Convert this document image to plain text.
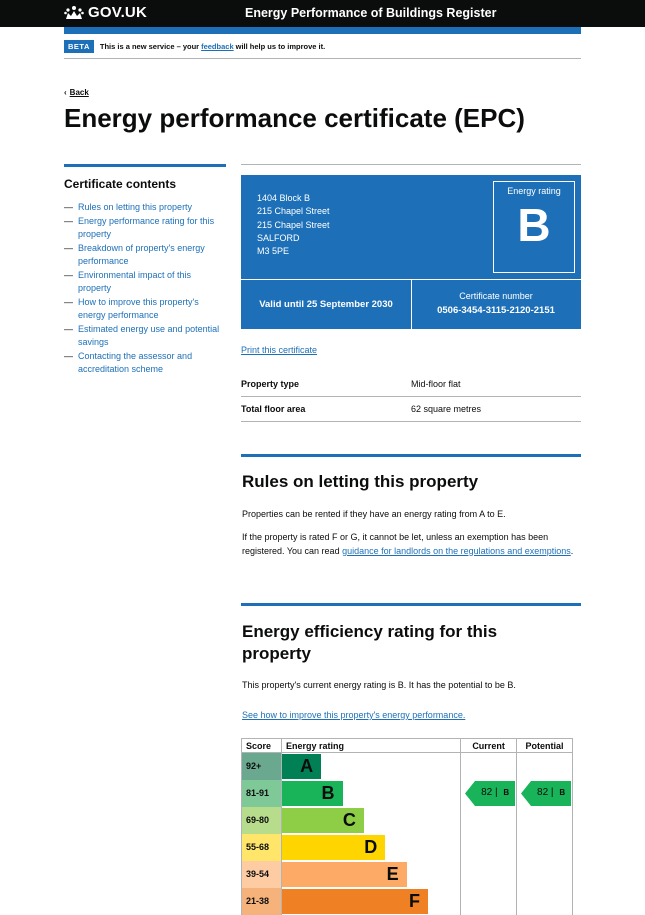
GOV.UK	Energy Performance of Buildings Register
BETA	This is a new service – your feedback will help us to improve it.
‹ Back
Energy performance certificate (EPC)
Certificate contents
— Rules on letting this property
— Energy performance rating for this property
— Breakdown of property's energy performance
— Environmental impact of this property
— How to improve this property's energy performance
— Estimated energy use and potential savings
— Contacting the assessor and accreditation scheme
1404 Block B
215 Chapel Street
215 Chapel Street
SALFORD
M3 5PE
Energy rating
B
Valid until 25 September 2030
Certificate number
0506-3454-3115-2120-2151
Print this certificate
Property type	Mid-floor flat
Total floor area	62 square metres
Rules on letting this property

Properties can be rented if they have an energy rating from A to E.

If the property is rated F or G, it cannot be let, unless an exemption has been registered. You can read guidance for landlords on the regulations and exemptions.

Energy efficiency rating for this
property

This property's current energy rating is B. It has the potential to be B.

See how to improve this property's energy performance.
Score	Energy rating	Current	Potential
92+	A		

81-91	B	82 | B	82 | B

69-80	C		

55-68	D		

39-54	E		

21-38	F		
